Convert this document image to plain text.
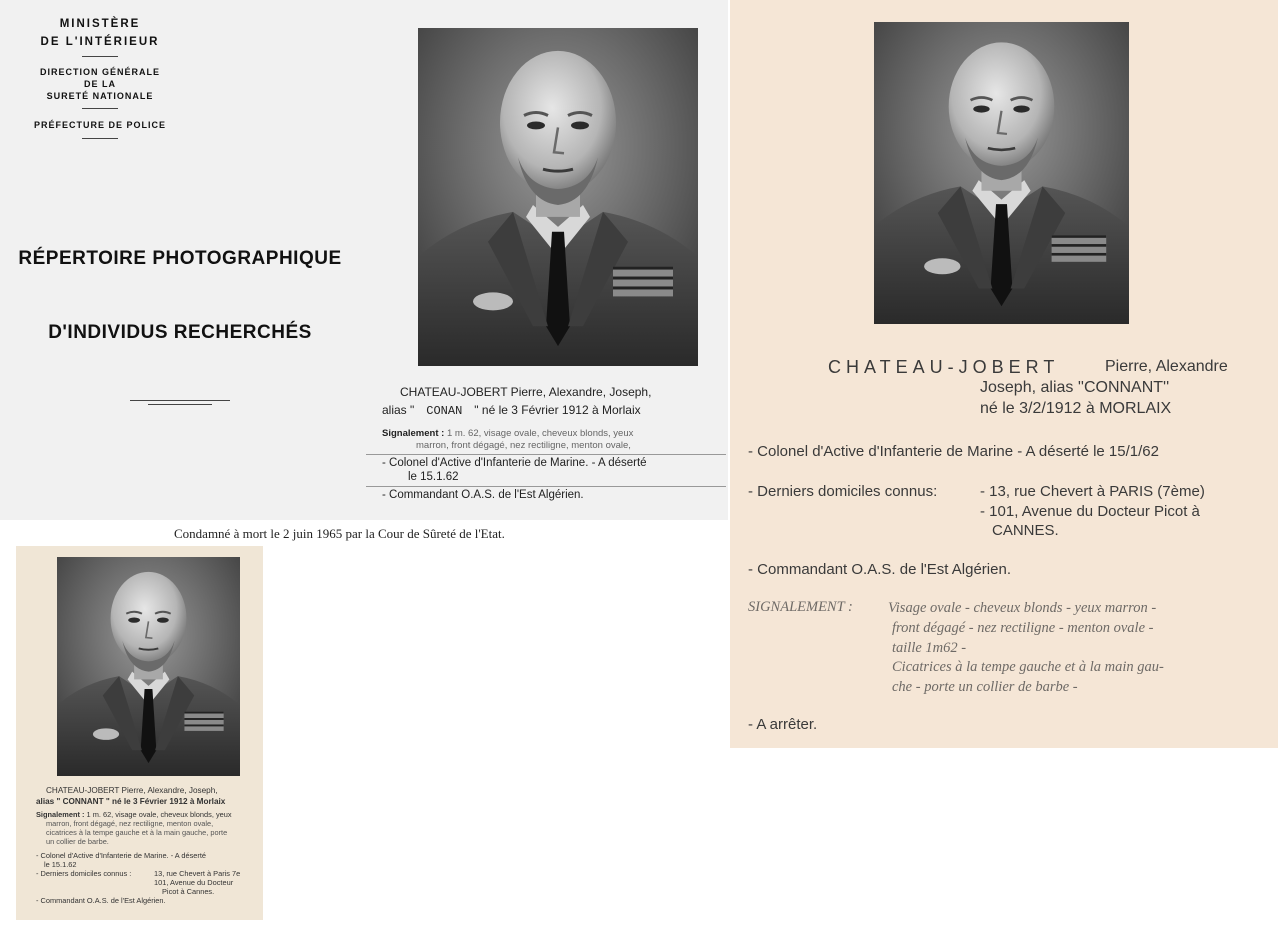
MINISTÈRE
DE L'INTÉRIEUR
DIRECTION GÉNÉRALE
DE LA
SURETÉ NATIONALE
PRÉFECTURE DE POLICE
RÉPERTOIRE PHOTOGRAPHIQUE
D'INDIVIDUS RECHERCHÉS
CHATEAU-JOBERT Pierre, Alexandre, Joseph,
alias " CONAN " né le 3 Février 1912 à Morlaix
Signalement : 1 m. 62, visage ovale, cheveux blonds, yeux
marron, front dégagé, nez rectiligne, menton ovale,
- Colonel d'Active d'Infanterie de Marine. - A déserté
le 15.1.62
- Commandant O.A.S. de l'Est Algérien.
Condamné à mort le 2 juin 1965 par la Cour de Sûreté de l'Etat.
CHATEAU-JOBERT	Pierre, Alexandre
Joseph, alias ''CONNANT''
né le 3/2/1912 à MORLAIX
- Colonel d'Active d'Infanterie de Marine - A déserté le 15/1/62
- Derniers domiciles connus:	- 13, rue Chevert à PARIS (7ème)
- 101, Avenue du Docteur Picot à
CANNES.
- Commandant O.A.S. de l'Est Algérien.
SIGNALEMENT : Visage ovale - cheveux blonds - yeux marron -
front dégagé - nez rectiligne - menton ovale -
taille 1m62 -
Cicatrices à la tempe gauche et à la main gau-
che - porte un collier de barbe -
- A arrêter.
CHATEAU-JOBERT Pierre, Alexandre, Joseph,
alias " CONNANT " né le 3 Février 1912 à Morlaix
Signalement : 1 m. 62, visage ovale, cheveux blonds, yeux
marron, front dégagé, nez rectiligne, menton ovale,
cicatrices à la tempe gauche et à la main gauche, porte
un collier de barbe.
- Colonel d'Active d'Infanterie de Marine. - A déserté
le 15.1.62
- Derniers domiciles connus :	13, rue Chevert à Paris 7e
101, Avenue du Docteur
Picot à Cannes.
- Commandant O.A.S. de l'Est Algérien.
